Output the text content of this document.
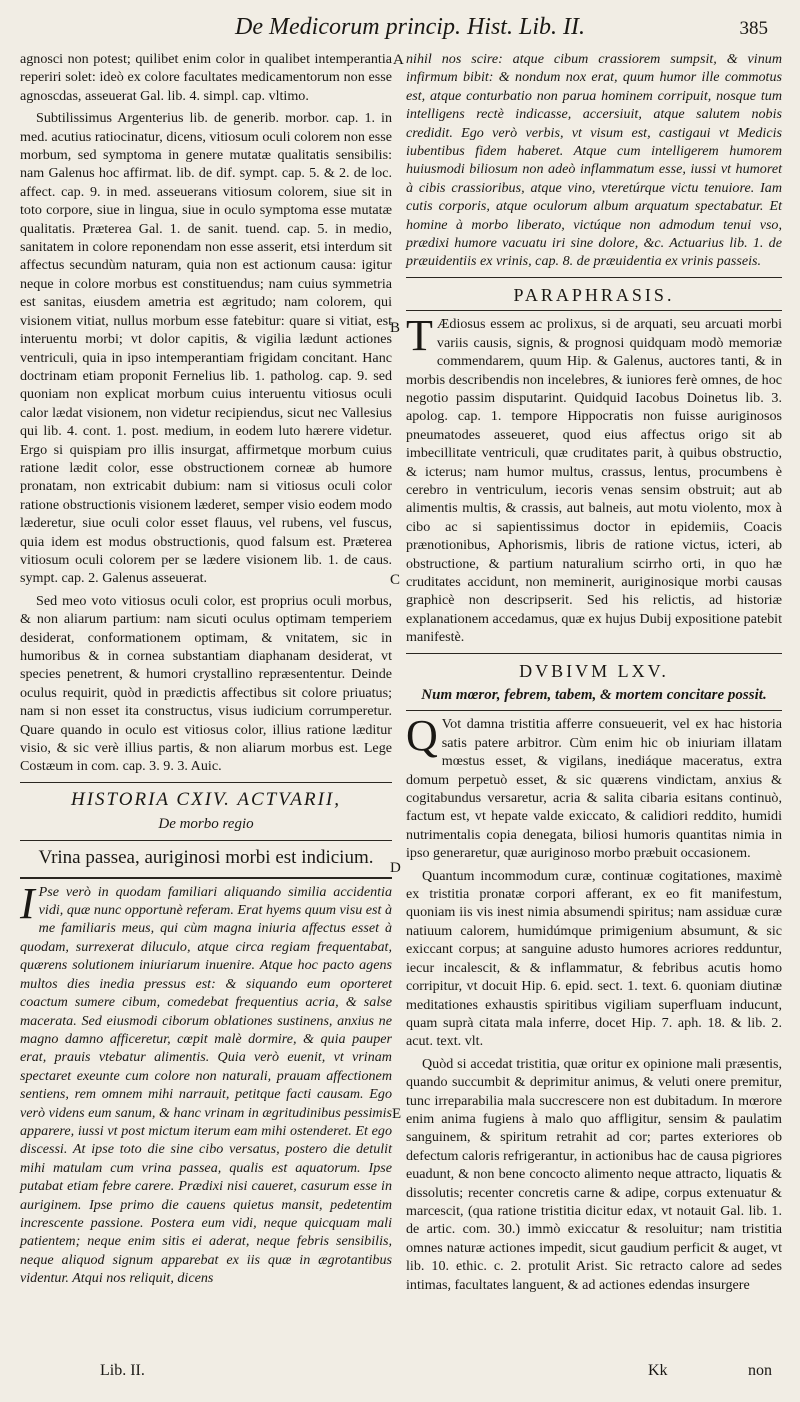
De Medicorum princip. Hist. Lib. II.	385
A
B
C
D
E

agnosci non potest; quilibet enim color in qualibet intemperantia reperiri solet: ideò ex colore facultates medicamentorum non esse agnoscdas, asseuerat Gal. lib. 4. simpl. cap. vltimo.

Subtilissimus Argenterius lib. de generib. morbor. cap. 1. in med. acutius ratiocinatur, dicens, vitiosum oculi colorem non esse morbum, sed symptoma in genere mutatæ qualitatis sensibilis: nam Galenus hoc affirmat. lib. de dif. sympt. cap. 5. & 2. de loc. affect. cap. 9. in med. asseuerans vitiosum colorem, siue sit in toto corpore, siue in lingua, siue in oculo symptoma esse mutatæ qualitatis. Præterea Gal. 1. de sanit. tuend. cap. 5. in medio, sanitatem in colore reponendam non esse asserit, etsi interdum sit affectus secundùm naturam, quia non est actionum causa: igitur neque in colore morbus est constituendus; nam cuius symmetria est sanitas, eiusdem ametria est ægritudo; nam colorem, qui visionem vitiat, nullus morbum esse fatebitur: quare si vitiat, est interuentu morbi; vt dolor capitis, & vigilia lædunt actiones ventriculi, quia in ipso intemperantiam frigidam concitant. Hanc doctrinam etiam proponit Fernelius lib. 1. patholog. cap. 9. sed quoniam non explicat morbum cuius interuentu vitiosus oculi calor lædat visionem, non videtur recipiendus, sicut nec Vallesius qui lib. 4. cont. 1. post. medium, in eodem luto hærere videtur. Ergo si quispiam pro illis insurgat, affirmetque morbum cuius ratione lædit color, esse obstructionem corneæ ab humore pronatam, non extricabit dubium: nam si vitiosus oculi color ratione obstructionis visionem læderet, semper visio eodem modo læderetur, siue oculi color esset flauus, vel rubens, vel fuscus, quia idem est modus obstructionis, quod falsum est. Præterea vitiosum oculi colorem per se lædere visionem lib. 1. de caus. sympt. cap. 2. Galenus asseuerat.

Sed meo voto vitiosus oculi color, est proprius oculi morbus, & non aliarum partium: nam sicuti oculus optimam temperiem desiderat, conformationem optimam, & vnitatem, sic in humoribus & in cornea substantiam diaphanam desiderat, vt species penetrent, & humori crystallino repræsententur. Deinde oculus requirit, quòd in prædictis affectibus sit colore priuatus; nam si non esset ita constructus, visus iudicium corrumperetur. Quare quando in oculo est vitiosus color, illius ratione læditur visio, & sic verè illius partis, & non aliarum morbus est. Lege Costæum in com. cap. 3. 9. 3. Auic.

HISTORIA CXIV. ACTVARII,
De morbo regio
Vrina passea, auriginosi morbi est indicium.

I Pse verò in quodam familiari aliquando similia accidentia vidi, quæ nunc opportunè referam. Erat hyems quum visu est à me familiaris meus, qui cùm magna iniuria affectus esset à quodam, surrexerat diluculo, atque circa regiam frequentabat, quærens solutionem iniuriarum inuenire. Atque hoc pacto agens multos dies inedia pressus est: & siquando eum oporteret coactum sumere cibum, comedebat frequentius acria, & salse macerata. Sed eiusmodi ciborum oblationes sustinens, anxius ne magno damno afficeretur, cœpit malè dormire, & quia pauper erat, prauis vtebatur alimentis. Quia verò euenit, vt vrinam spectaret exeunte cum colore non naturali, prauam affectionem sentiens, rem omnem mihi narrauit, petitque facti causam. Ego verò videns eum sanum, & hanc vrinam in ægritudinibus pessimis apparere, iussi vt post mictum iterum eam mihi ostenderet. Et ego discessi. At ipse toto die sine cibo versatus, postero die detulit mihi matulam cum vrina passea, qualis est aquatorum. Ipse putabat etiam febre carere. Prædixi nisi caueret, casurum esse in auriginem. Ipse primo die cauens quietus mansit, pedetentim increscente passione. Postera eum vidi, neque quicquam mali patientem; neque enim sitis ei aderat, neque febris sensibilis, neque aliquod signum apparebat ex iis quæ in ægrotantibus videntur. Atqui nos reliquit, dicens

nihil nos scire: atque cibum crassiorem sumpsit, & vinum infirmum bibit: & nondum nox erat, quum humor ille commotus est, atque conturbatio non parua hominem corripuit, nosque tum intelligens rectè indicasse, accersiuit, atque salutem nobis credidit. Ego verò verbis, vt visum est, castigaui vt Medicis iubentibus fidem haberet. Atque cum intelligerem humorem huiusmodi biliosum non adeò inflammatum esse, iussi vt humoret à cibis crassioribus, atque vino, vteretúrque victu tenuiore. Iam cutis corporis, atque oculorum album arquatum spectabatur. Et homine à morbo liberato, victúque non admodum tenui vso, prædixi humore vacuatu iri sine dolore, &c. Actuarius lib. 1. de præuidentiis ex vrinis, cap. 8. de præuidentia ex vrinis passeis.

PARAPHRASIS.

T Ædiosus essem ac prolixus, si de arquati, seu arcuati morbi variis causis, signis, & prognosi quidquam modò memoriæ commendarem, quum Hip. & Galenus, auctores tanti, & in morbis describendis non incelebres, & iuniores ferè omnes, de hoc negotio passim disputarint. Quidquid Iacobus Doinetus lib. 3. apolog. cap. 1. tempore Hippocratis non fuisse auriginosos pneumatodes asseueret, quod eius affectus origo sit ab imbecillitate ventriculi, quæ cruditates parit, à quibus obstructio, & icterus; nam humor multus, crassus, lentus, procumbens è cerebro in ventriculum, iecoris venas sensim obstruit; aut ab alimentis multis, & crassis, aut balneis, aut motu violento, mox à cibo ac si sapientissimus doctor in epidemiis, Coacis prænotionibus, Aphorismis, libris de ratione victus, icteri, ab obstructione, & partium naturalium scirrho orti, in quo hæ cruditates accidunt, non meminerit, auriginosique morbi causas graphicè non descripserit. Sed his relictis, ad historiæ explanationem accedamus, quæ ex hujus Dubij expositione patebit manifestè.

DVBIVM LXV.
Num mœror, febrem, tabem, & mortem concitare possit.

Q Vot damna tristitia afferre consueuerit, vel ex hac historia satis patere arbitror. Cùm enim hic ob iniuriam illatam mœstus esset, & vigilans, inediáque maceratus, extra domum perpetuò esset, & sic quærens vindictam, anxius & cogitabundus versaretur, acria & salita cibaria esitans continuò, factum est, vt hepate valde exiccato, & calidiori reddito, humidi nutrimentalis copia denegata, biliosi humoris quantitas nimia in ipso generaretur, quæ auriginoso morbo præbuit occasionem.

Quantum incommodum curæ, continuæ cogitationes, maximè ex tristitia pronatæ corpori afferant, ex eo fit manifestum, quoniam iis vis inest nimia absumendi spiritus; nam assiduæ curæ natiuum calorem, humidúmque primigenium absumunt, & sic exiccant corpus; at sanguine adusto humores acriores redduntur, iecur incalescit, & & inflammatur, & febribus acutis homo corripitur, vt docuit Hip. 6. epid. sect. 1. text. 6. quoniam diutinæ meditationes exhaustis spiritibus vigiliam superfluam inducunt, quam suprà citata mala inferre, docet Hip. 7. aph. 18. & lib. 2. acut. text. vlt.

Quòd si accedat tristitia, quæ oritur ex opinione mali præsentis, quando succumbit & deprimitur animus, & veluti onere premitur, tunc irreparabilia mala succrescere non est dubitadum. In mœrore enim anima fugiens à malo quo affligitur, sensim & paulatim sanguinem, & spiritum retrahit ad cor; partes exteriores ob defectum caloris refrigerantur, in actionibus hac de causa pigriores euadunt, & non bene concocto alimento neque attracto, liquatis & dissolutis; recenter concretis carne & adipe, corpus extenuatur & marcescit, (qua ratione tristitia dicitur edax, vt notauit Gal. lib. 1. de artic. com. 30.) immò exiccatur & resoluitur; nam tristitia omnes naturæ actiones impedit, sicut gaudium perficit & auget, vt lib. 10. ethic. c. 2. protulit Arist. Sic retracto calore ad sedes intimas, facultates languent, & ad actiones edendas insurgere

Lib. II.	Kk	non
